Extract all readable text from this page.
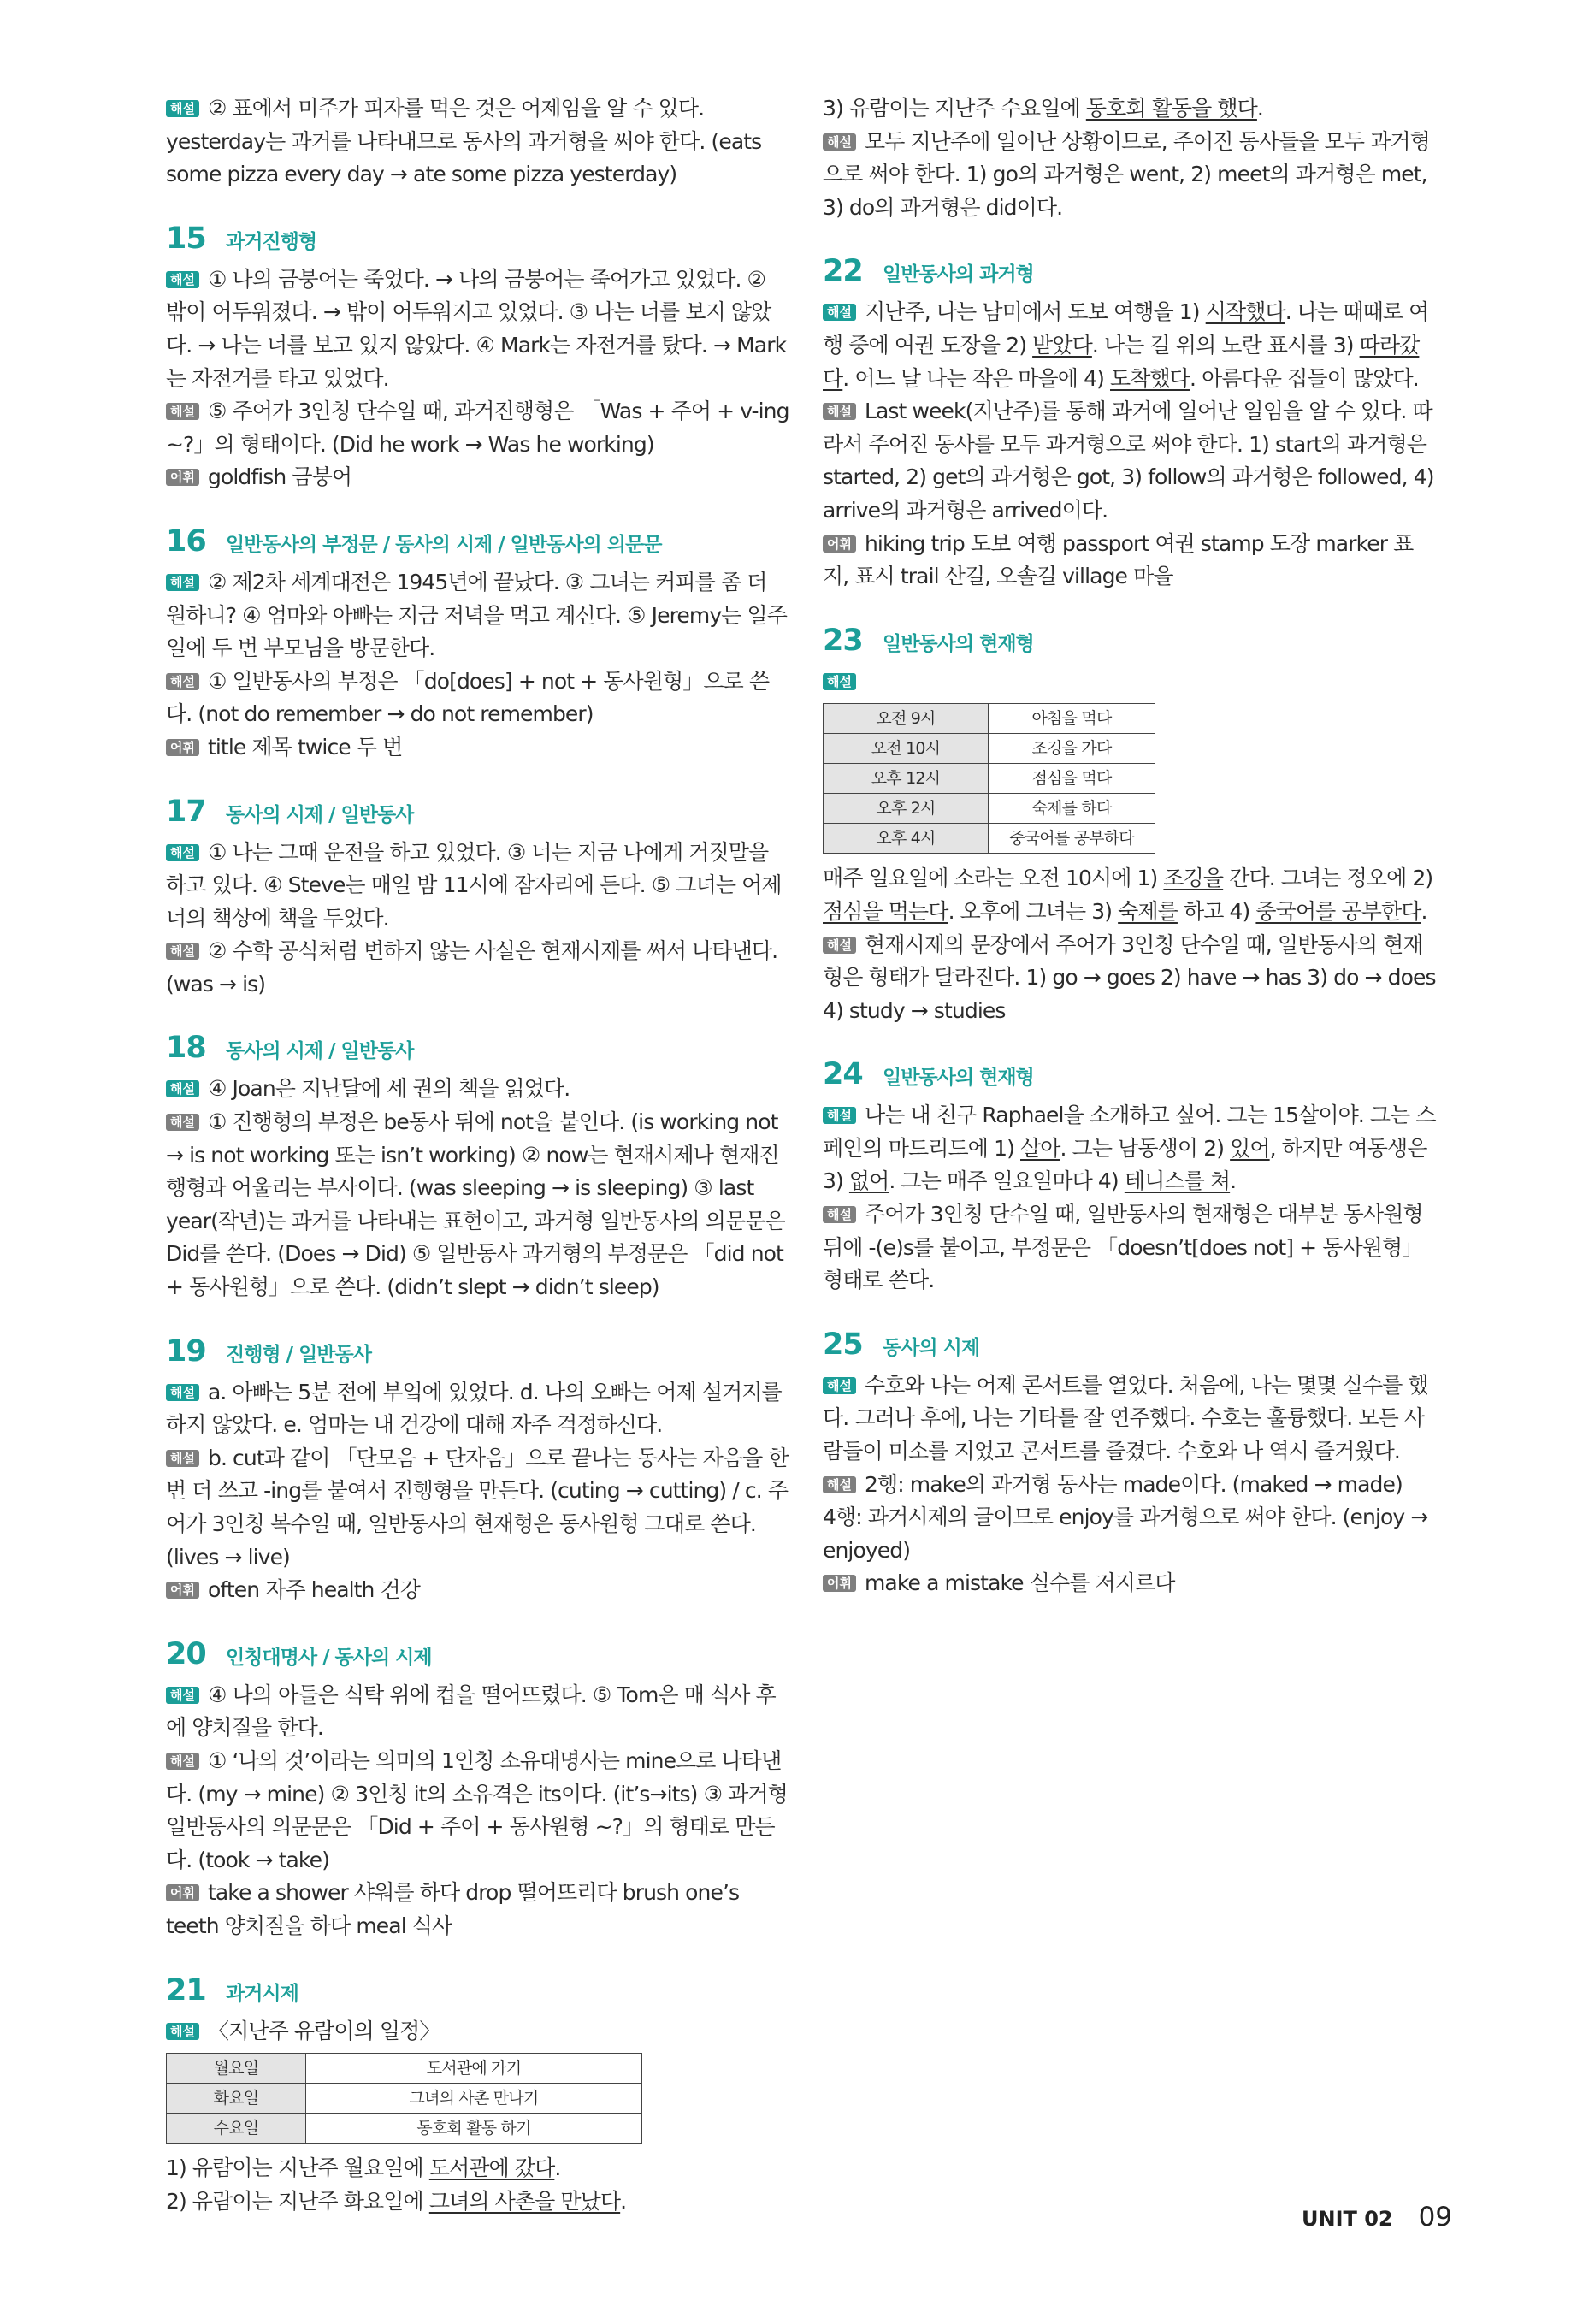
해설 ② 표에서 미주가 피자를 먹은 것은 어제임을 알 수 있다. yesterday는 과거를 나타내므로 동사의 과거형을 써야 한다. (eats some pizza every day → ate some pizza yesterday)

15	과거진행형

해설 ① 나의 금붕어는 죽었다. → 나의 금붕어는 죽어가고 있었다. ② 밖이 어두워졌다. → 밖이 어두워지고 있었다. ③ 나는 너를 보지 않았다. → 나는 너를 보고 있지 않았다. ④ Mark는 자전거를 탔다. → Mark는 자전거를 타고 있었다.

해설 ⑤ 주어가 3인칭 단수일 때, 과거진행형은 「Was + 주어 + v-ing ~?」의 형태이다. (Did he work → Was he working)

어휘 goldfish 금붕어

16	일반동사의 부정문 / 동사의 시제 / 일반동사의 의문문

해설 ② 제2차 세계대전은 1945년에 끝났다. ③ 그녀는 커피를 좀 더 원하니? ④ 엄마와 아빠는 지금 저녁을 먹고 계신다. ⑤ Jeremy는 일주일에 두 번 부모님을 방문한다.

해설 ① 일반동사의 부정은 「do[does] + not + 동사원형」으로 쓴다. (not do remember → do not remember)

어휘 title 제목 twice 두 번

17	동사의 시제 / 일반동사

해설 ① 나는 그때 운전을 하고 있었다. ③ 너는 지금 나에게 거짓말을 하고 있다. ④ Steve는 매일 밤 11시에 잠자리에 든다. ⑤ 그녀는 어제 너의 책상에 책을 두었다.

해설 ② 수학 공식처럼 변하지 않는 사실은 현재시제를 써서 나타낸다. (was → is)

18	동사의 시제 / 일반동사

해설 ④ Joan은 지난달에 세 권의 책을 읽었다.

해설 ① 진행형의 부정은 be동사 뒤에 not을 붙인다. (is working not → is not working 또는 isn’t working) ② now는 현재시제나 현재진행형과 어울리는 부사이다. (was sleeping → is sleeping) ③ last year(작년)는 과거를 나타내는 표현이고, 과거형 일반동사의 의문문은 Did를 쓴다. (Does → Did) ⑤ 일반동사 과거형의 부정문은 「did not + 동사원형」으로 쓴다. (didn’t slept → didn’t sleep)

19	진행형 / 일반동사

해설 a. 아빠는 5분 전에 부엌에 있었다. d. 나의 오빠는 어제 설거지를 하지 않았다. e. 엄마는 내 건강에 대해 자주 걱정하신다.

해설 b. cut과 같이 「단모음 + 단자음」으로 끝나는 동사는 자음을 한번 더 쓰고 -ing를 붙여서 진행형을 만든다. (cuting → cutting) / c. 주어가 3인칭 복수일 때, 일반동사의 현재형은 동사원형 그대로 쓴다. (lives → live)

어휘 often 자주 health 건강

20	인칭대명사 / 동사의 시제

해설 ④ 나의 아들은 식탁 위에 컵을 떨어뜨렸다. ⑤ Tom은 매 식사 후에 양치질을 한다.

해설 ① ‘나의 것’이라는 의미의 1인칭 소유대명사는 mine으로 나타낸다. (my → mine) ② 3인칭 it의 소유격은 its이다. (it’s→its) ③ 과거형 일반동사의 의문문은 「Did + 주어 + 동사원형 ~?」의 형태로 만든다. (took → take)

어휘 take a shower 샤워를 하다 drop 떨어뜨리다 brush one’s teeth 양치질을 하다 meal 식사

21	과거시제

해설 〈지난주 유람이의 일정〉

월요일	도서관에 가기
화요일	그녀의 사촌 만나기
수요일	동호회 활동 하기

1) 유람이는 지난주 월요일에 도서관에 갔다.

2) 유람이는 지난주 화요일에 그녀의 사촌을 만났다.

3) 유람이는 지난주 수요일에 동호회 활동을 했다.

해설 모두 지난주에 일어난 상황이므로, 주어진 동사들을 모두 과거형으로 써야 한다. 1) go의 과거형은 went, 2) meet의 과거형은 met, 3) do의 과거형은 did이다.

22	일반동사의 과거형

해설 지난주, 나는 남미에서 도보 여행을 1) 시작했다. 나는 때때로 여행 중에 여권 도장을 2) 받았다. 나는 길 위의 노란 표시를 3) 따라갔다. 어느 날 나는 작은 마을에 4) 도착했다. 아름다운 집들이 많았다.

해설 Last week(지난주)를 통해 과거에 일어난 일임을 알 수 있다. 따라서 주어진 동사를 모두 과거형으로 써야 한다. 1) start의 과거형은 started, 2) get의 과거형은 got, 3) follow의 과거형은 followed, 4) arrive의 과거형은 arrived이다.

어휘 hiking trip 도보 여행 passport 여권 stamp 도장 marker 표지, 표시 trail 산길, 오솔길 village 마을

23	일반동사의 현재형
해설
오전 9시	아침을 먹다
오전 10시	조깅을 가다
오후 12시	점심을 먹다
오후 2시	숙제를 하다
오후 4시	중국어를 공부하다

매주 일요일에 소라는 오전 10시에 1) 조깅을 간다. 그녀는 정오에 2) 점심을 먹는다. 오후에 그녀는 3) 숙제를 하고 4) 중국어를 공부한다.

해설 현재시제의 문장에서 주어가 3인칭 단수일 때, 일반동사의 현재형은 형태가 달라진다. 1) go → goes 2) have → has 3) do → does 4) study → studies

24	일반동사의 현재형

해설 나는 내 친구 Raphael을 소개하고 싶어. 그는 15살이야. 그는 스페인의 마드리드에 1) 살아. 그는 남동생이 2) 있어, 하지만 여동생은 3) 없어. 그는 매주 일요일마다 4) 테니스를 쳐.

해설 주어가 3인칭 단수일 때, 일반동사의 현재형은 대부분 동사원형 뒤에 -(e)s를 붙이고, 부정문은 「doesn’t[does not] + 동사원형」 형태로 쓴다.

25	동사의 시제

해설 수호와 나는 어제 콘서트를 열었다. 처음에, 나는 몇몇 실수를 했다. 그러나 후에, 나는 기타를 잘 연주했다. 수호는 훌륭했다. 모든 사람들이 미소를 지었고 콘서트를 즐겼다. 수호와 나 역시 즐거웠다.

해설 2행: make의 과거형 동사는 made이다. (maked → made)

4행: 과거시제의 글이므로 enjoy를 과거형으로 써야 한다. (enjoy → enjoyed)

어휘 make a mistake 실수를 저지르다

UNIT 02 09
